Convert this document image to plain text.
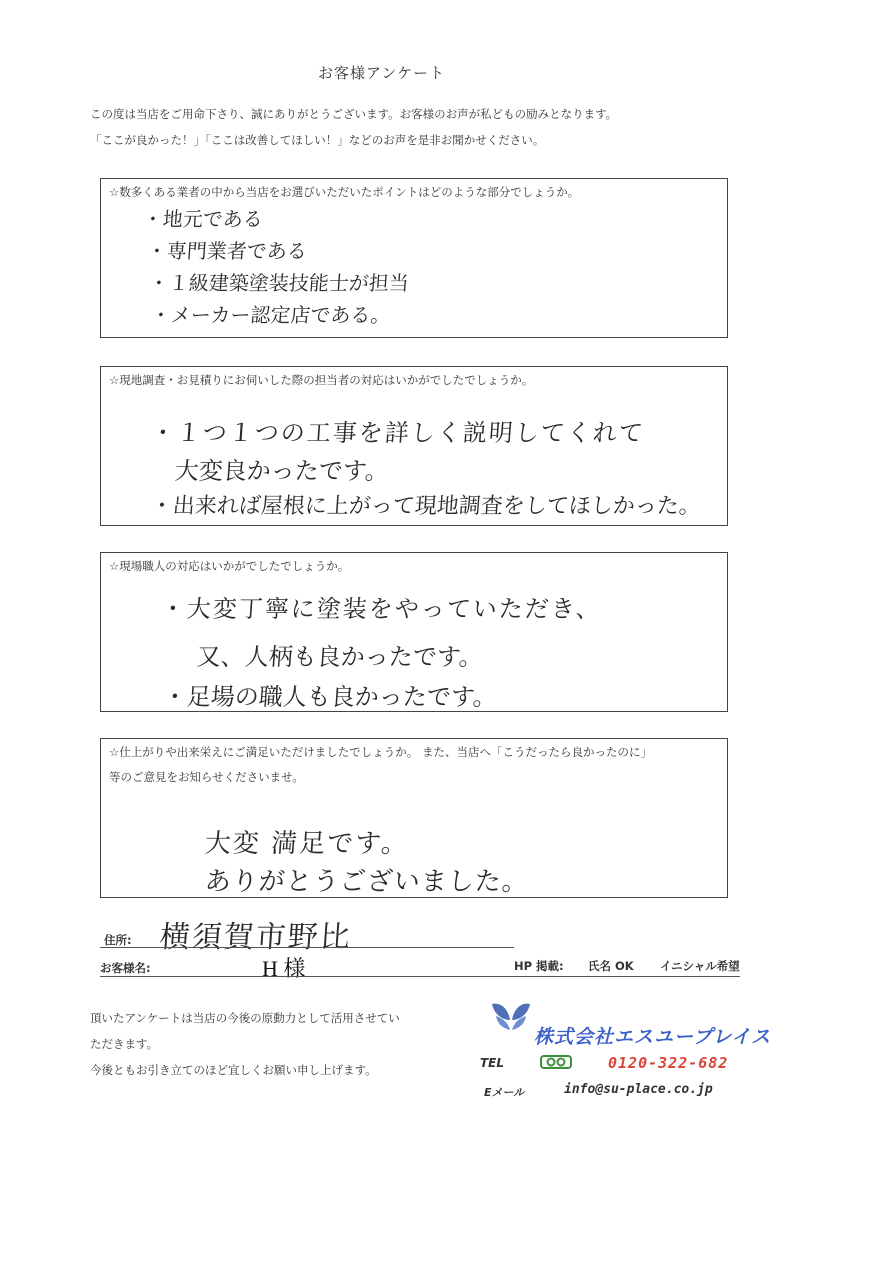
お客様アンケート
この度は当店をご用命下さり、誠にありがとうございます。お客様のお声が私どもの励みとなります。
「ここが良かった！」「ここは改善してほしい！」などのお声を是非お聞かせください。
☆数多くある業者の中から当店をお選びいただいたポイントはどのような部分でしょうか。
・地元である
・専門業者である
・１級建築塗装技能士が担当
・メーカー認定店である。
☆現地調査・お見積りにお伺いした際の担当者の対応はいかがでしたでしょうか。
・１つ１つの工事を詳しく説明してくれて
大変良かったです。
・出来れば屋根に上がって現地調査をしてほしかった。
☆現場職人の対応はいかがでしたでしょうか。
・大変丁寧に塗装をやっていただき、
又、人柄も良かったです。
・足場の職人も良かったです。
☆仕上がりや出来栄えにご満足いただけましたでしょうか。 また、当店へ「こうだったら良かったのに」
等のご意見をお知らせくださいませ。
大変 満足です。
ありがとうございました。
住所: 横須賀市野比
お客様名:	H 様	HP 掲載: 氏名 OK イニシャル希望
頂いたアンケートは当店の今後の原動力として活用させてい
ただきます。
今後ともお引き立てのほど宜しくお願い申し上げます。
株式会社エスユープレイス
TEL	0120-322-682
Eメール	info@su-place.co.jp
